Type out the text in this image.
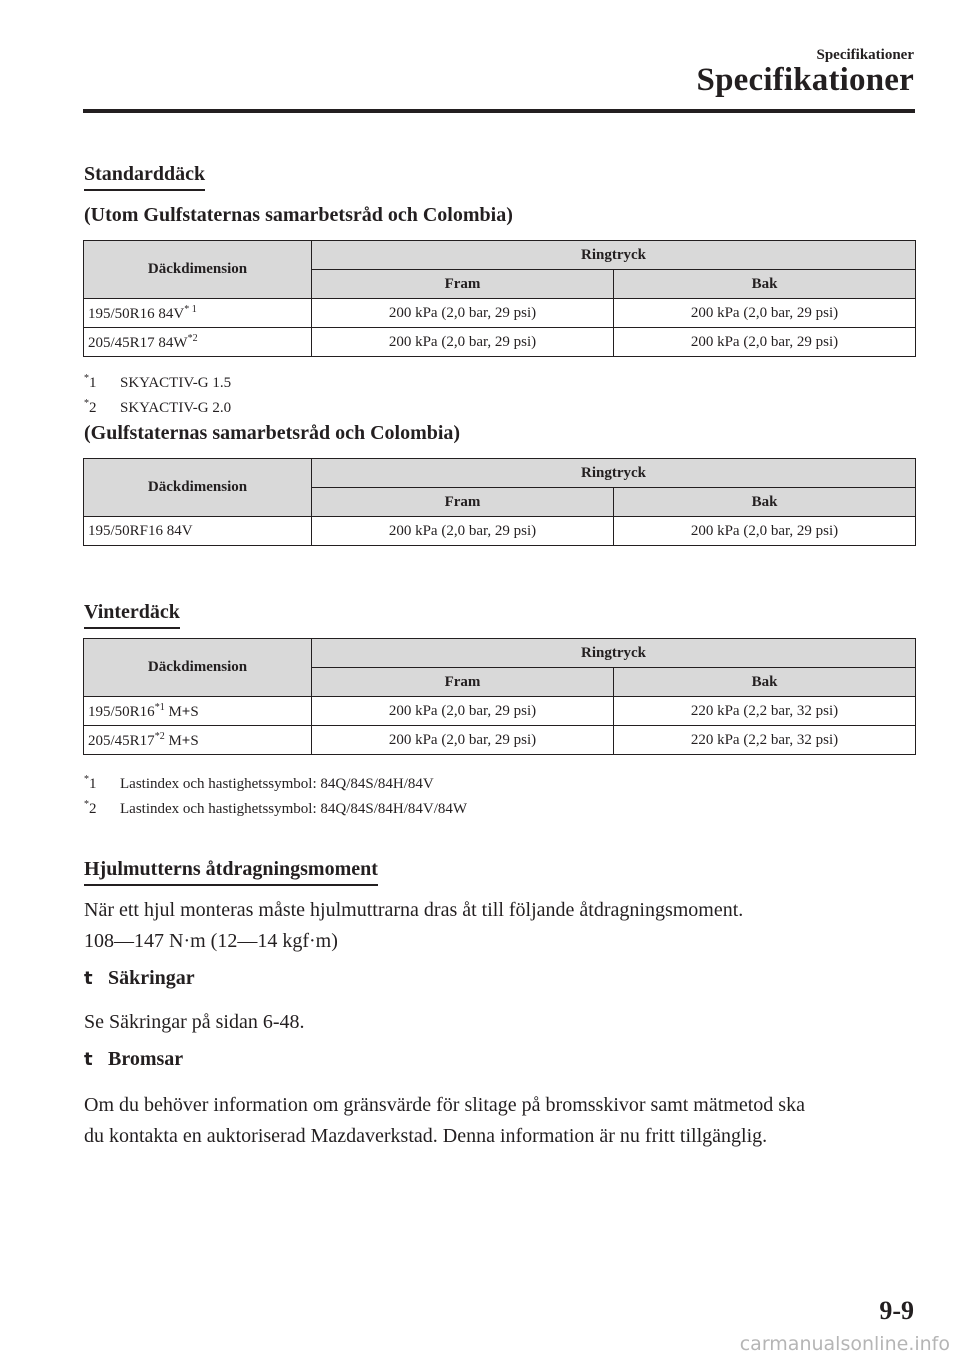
Specifikationer
Specifikationer
Standarddäck
(Utom Gulfstaternas samarbetsråd och Colombia)
Däckdimension	Ringtryck	
	Fram	Bak
195/50R16 $84V^{* 1}$	200 kPa (2,0 bar, 29 psi)	200 kPa (2,0 bar, 29 psi)
205/45R17 $84W^{*2}$	200 kPa (2,0 bar, 29 psi)	200 kPa (2,0 bar, 29 psi)
*1 SKYACTIV-G 1.5
*2 SKYACTIV-G 2.0
(Gulfstaternas samarbetsråd och Colombia)
Däckdimension	Ringtryck	
	Fram	Bak
195/50RF16 84V	200 kPa (2,0 bar, 29 psi)	200 kPa (2,0 bar, 29 psi)
Vinterdäck
Däckdimension	Ringtryck	
	Fram	Bak
195/50R16$^{*1}$ M+S	200 kPa (2,0 bar, 29 psi)	220 kPa (2,2 bar, 32 psi)
205/45R17$^{*2}$ M+S	200 kPa (2,0 bar, 29 psi)	220 kPa (2,2 bar, 32 psi)
*1 Lastindex och hastighetssymbol: 84Q/84S/84H/84V
*2 Lastindex och hastighetssymbol: 84Q/84S/84H/84V/84W
Hjulmutterns åtdragningsmoment
När ett hjul monteras måste hjulmuttrarna dras åt till följande åtdragningsmoment.
108―147 N·m (12―14 kgf·m)
t Säkringar
Se Säkringar på sidan 6-48.
t Bromsar
Om du behöver information om gränsvärde för slitage på bromsskivor samt mätmetod ska
du kontakta en auktoriserad Mazdaverkstad. Denna information är nu fritt tillgänglig.
9-9
carmanualsonline.info
